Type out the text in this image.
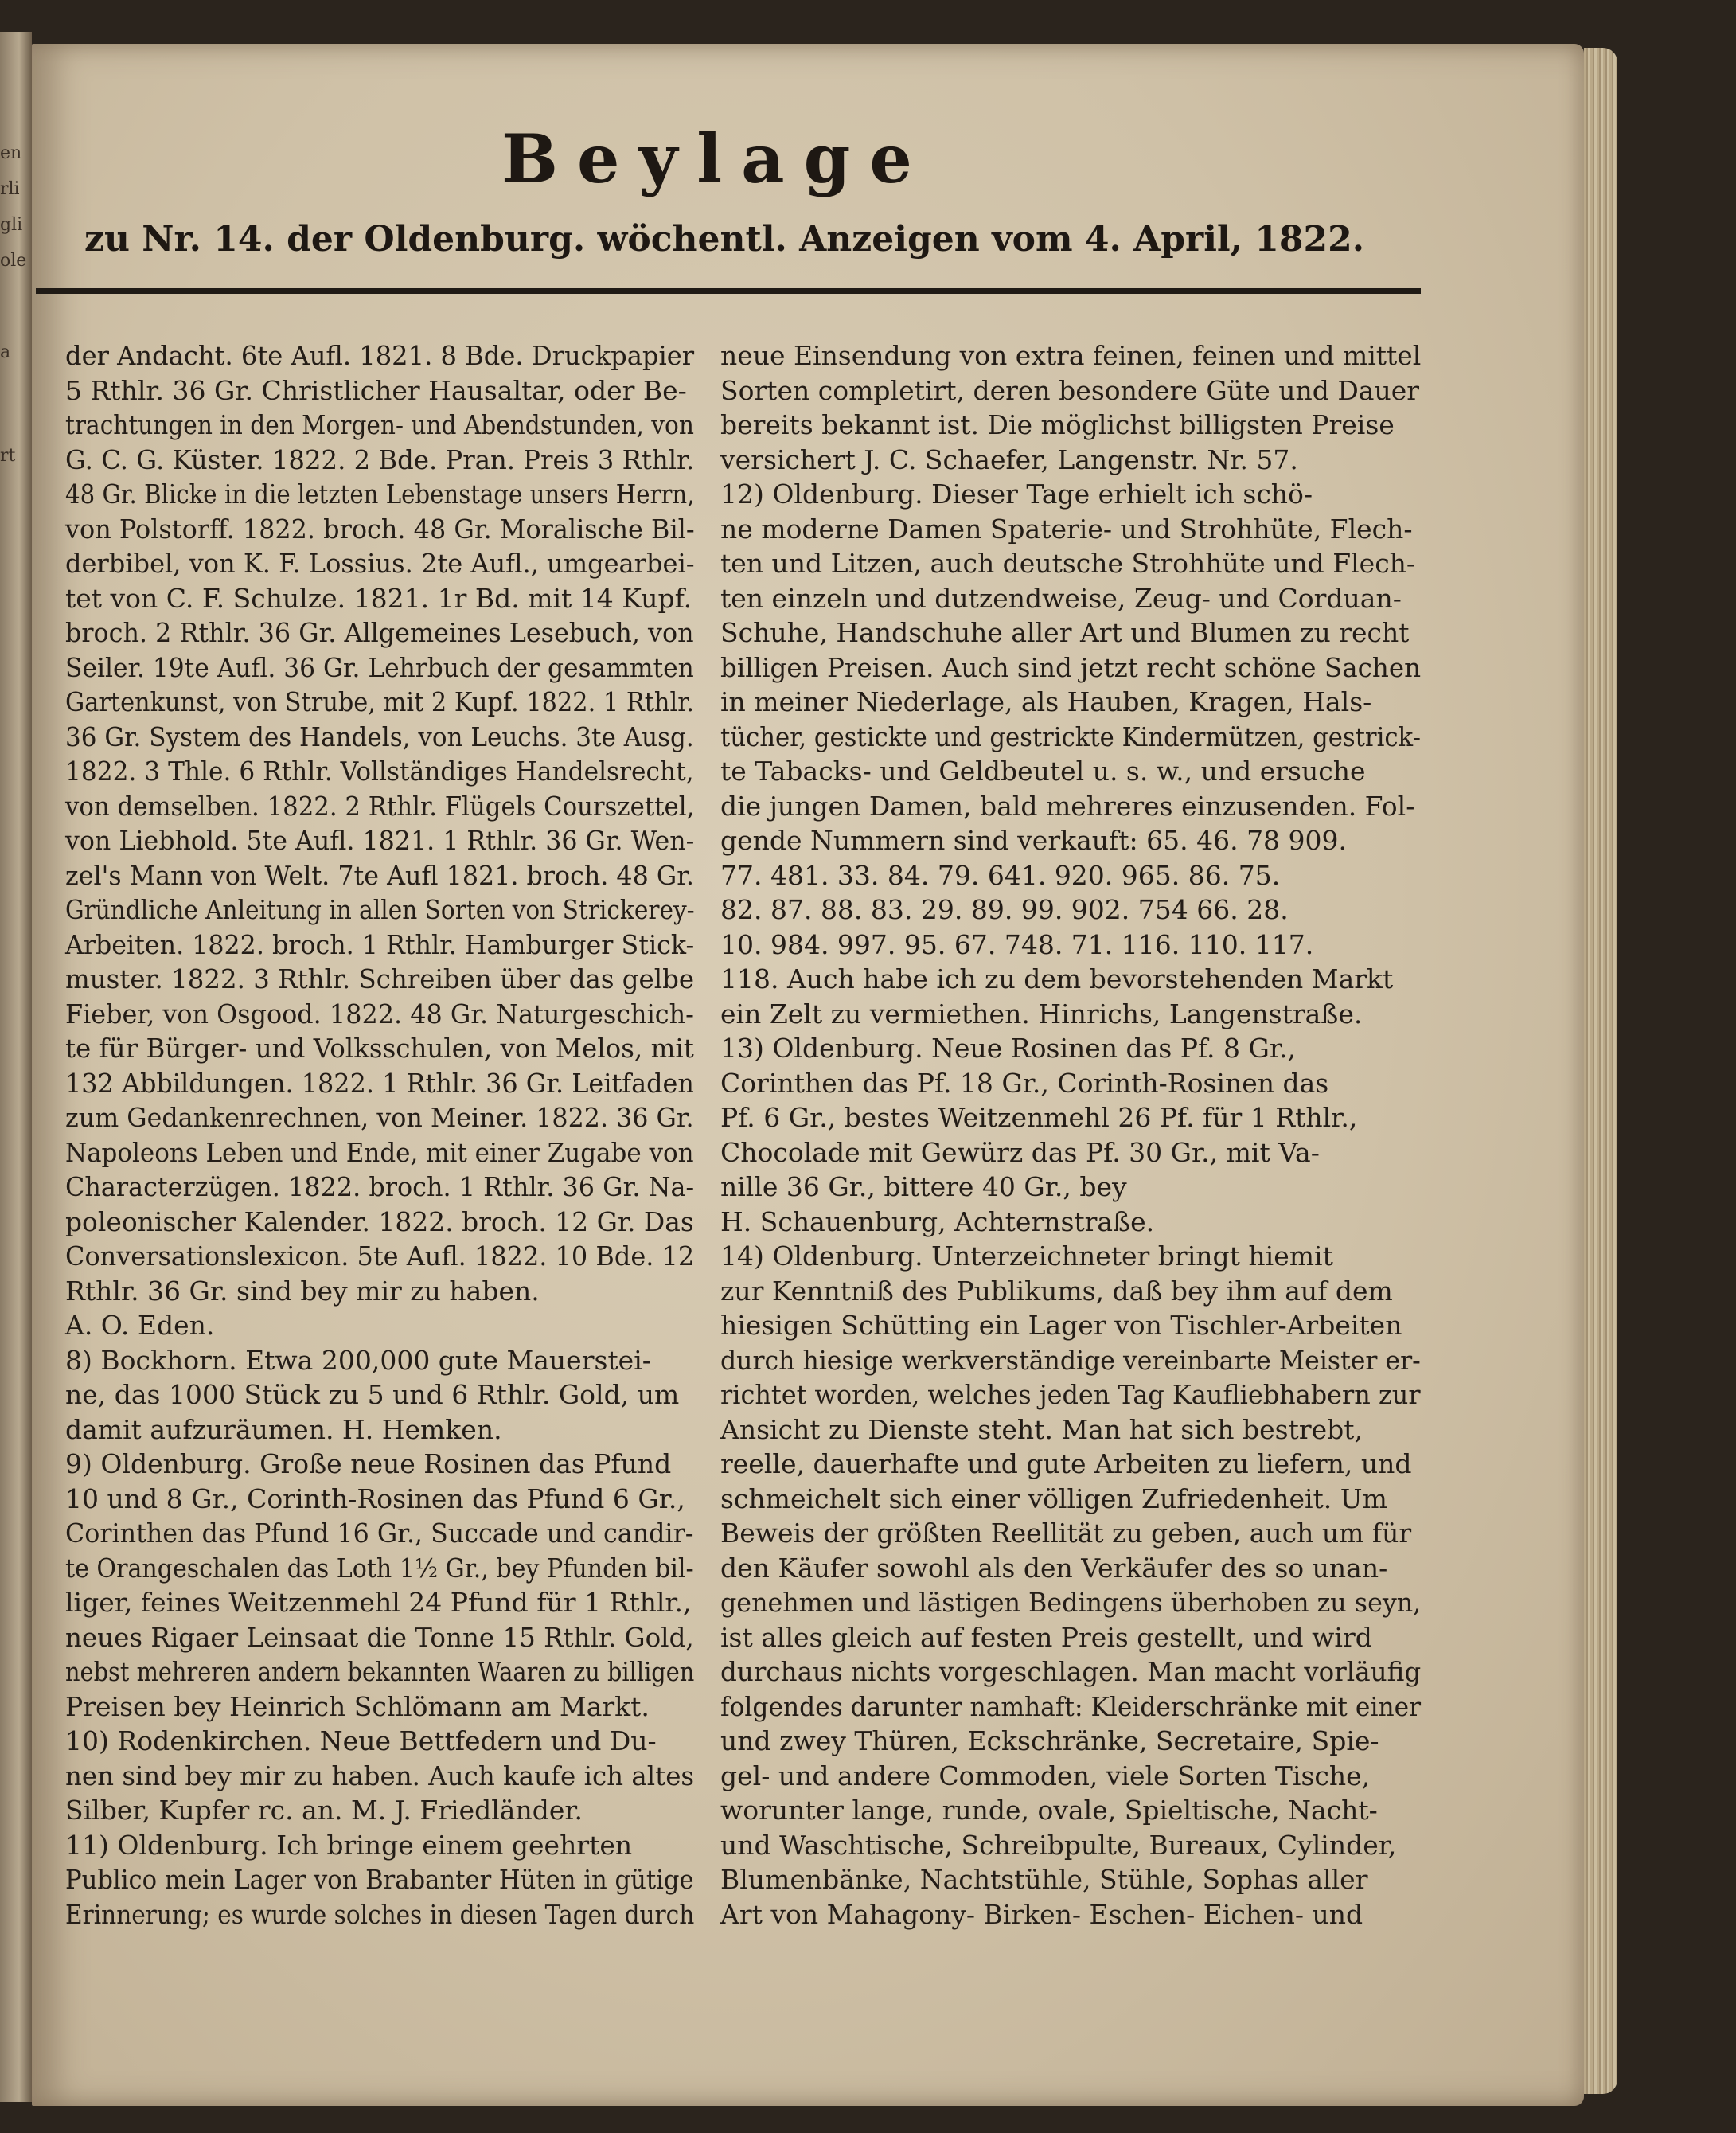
en
rli
gli
ole
a
rt
Beylage
zu Nr. 14. der Oldenburg. wöchentl. Anzeigen vom 4. April, 1822.
der Andacht. 6te Aufl. 1821. 8 Bde. Druckpapier
5 Rthlr. 36 Gr. Christlicher Hausaltar, oder Be-
trachtungen in den Morgen- und Abendstunden, von
G. C. G. Küster. 1822. 2 Bde. Pran. Preis 3 Rthlr.
48 Gr. Blicke in die letzten Lebenstage unsers Herrn,
von Polstorff. 1822. broch. 48 Gr. Moralische Bil-
derbibel, von K. F. Lossius. 2te Aufl., umgearbei-
tet von C. F. Schulze. 1821. 1r Bd. mit 14 Kupf.
broch. 2 Rthlr. 36 Gr. Allgemeines Lesebuch, von
Seiler. 19te Aufl. 36 Gr. Lehrbuch der gesammten
Gartenkunst, von Strube, mit 2 Kupf. 1822. 1 Rthlr.
36 Gr. System des Handels, von Leuchs. 3te Ausg.
1822. 3 Thle. 6 Rthlr. Vollständiges Handelsrecht,
von demselben. 1822. 2 Rthlr. Flügels Courszettel,
von Liebhold. 5te Aufl. 1821. 1 Rthlr. 36 Gr. Wen-
zel's Mann von Welt. 7te Aufl 1821. broch. 48 Gr.
Gründliche Anleitung in allen Sorten von Strickerey-
Arbeiten. 1822. broch. 1 Rthlr. Hamburger Stick-
muster. 1822. 3 Rthlr. Schreiben über das gelbe
Fieber, von Osgood. 1822. 48 Gr. Naturgeschich-
te für Bürger- und Volksschulen, von Melos, mit
132 Abbildungen. 1822. 1 Rthlr. 36 Gr. Leitfaden
zum Gedankenrechnen, von Meiner. 1822. 36 Gr.
Napoleons Leben und Ende, mit einer Zugabe von
Characterzügen. 1822. broch. 1 Rthlr. 36 Gr. Na-
poleonischer Kalender. 1822. broch. 12 Gr. Das
Conversationslexicon. 5te Aufl. 1822. 10 Bde. 12
Rthlr. 36 Gr. sind bey mir zu haben.
A. O. Eden.
8) Bockhorn. Etwa 200,000 gute Mauerstei-
ne, das 1000 Stück zu 5 und 6 Rthlr. Gold, um
damit aufzuräumen. H. Hemken.
9) Oldenburg. Große neue Rosinen das Pfund
10 und 8 Gr., Corinth-Rosinen das Pfund 6 Gr.,
Corinthen das Pfund 16 Gr., Succade und candir-
te Orangeschalen das Loth 1½ Gr., bey Pfunden bil-
liger, feines Weitzenmehl 24 Pfund für 1 Rthlr.,
neues Rigaer Leinsaat die Tonne 15 Rthlr. Gold,
nebst mehreren andern bekannten Waaren zu billigen
Preisen bey Heinrich Schlömann am Markt.
10) Rodenkirchen. Neue Bettfedern und Du-
nen sind bey mir zu haben. Auch kaufe ich altes
Silber, Kupfer rc. an. M. J. Friedländer.
11) Oldenburg. Ich bringe einem geehrten
Publico mein Lager von Brabanter Hüten in gütige
Erinnerung; es wurde solches in diesen Tagen durch
neue Einsendung von extra feinen, feinen und mittel
Sorten completirt, deren besondere Güte und Dauer
bereits bekannt ist. Die möglichst billigsten Preise
versichert J. C. Schaefer, Langenstr. Nr. 57.
12) Oldenburg. Dieser Tage erhielt ich schö-
ne moderne Damen Spaterie- und Strohhüte, Flech-
ten und Litzen, auch deutsche Strohhüte und Flech-
ten einzeln und dutzendweise, Zeug- und Corduan-
Schuhe, Handschuhe aller Art und Blumen zu recht
billigen Preisen. Auch sind jetzt recht schöne Sachen
in meiner Niederlage, als Hauben, Kragen, Hals-
tücher, gestickte und gestrickte Kindermützen, gestrick-
te Tabacks- und Geldbeutel u. s. w., und ersuche
die jungen Damen, bald mehreres einzusenden. Fol-
gende Nummern sind verkauft: 65. 46. 78 909.
77. 481. 33. 84. 79. 641. 920. 965. 86. 75.
82. 87. 88. 83. 29. 89. 99. 902. 754 66. 28.
10. 984. 997. 95. 67. 748. 71. 116. 110. 117.
118. Auch habe ich zu dem bevorstehenden Markt
ein Zelt zu vermiethen. Hinrichs, Langenstraße.
13) Oldenburg. Neue Rosinen das Pf. 8 Gr.,
Corinthen das Pf. 18 Gr., Corinth-Rosinen das
Pf. 6 Gr., bestes Weitzenmehl 26 Pf. für 1 Rthlr.,
Chocolade mit Gewürz das Pf. 30 Gr., mit Va-
nille 36 Gr., bittere 40 Gr., bey
H. Schauenburg, Achternstraße.
14) Oldenburg. Unterzeichneter bringt hiemit
zur Kenntniß des Publikums, daß bey ihm auf dem
hiesigen Schütting ein Lager von Tischler-Arbeiten
durch hiesige werkverständige vereinbarte Meister er-
richtet worden, welches jeden Tag Kaufliebhabern zur
Ansicht zu Dienste steht. Man hat sich bestrebt,
reelle, dauerhafte und gute Arbeiten zu liefern, und
schmeichelt sich einer völligen Zufriedenheit. Um
Beweis der größten Reellität zu geben, auch um für
den Käufer sowohl als den Verkäufer des so unan-
genehmen und lästigen Bedingens überhoben zu seyn,
ist alles gleich auf festen Preis gestellt, und wird
durchaus nichts vorgeschlagen. Man macht vorläufig
folgendes darunter namhaft: Kleiderschränke mit einer
und zwey Thüren, Eckschränke, Secretaire, Spie-
gel- und andere Commoden, viele Sorten Tische,
worunter lange, runde, ovale, Spieltische, Nacht-
und Waschtische, Schreibpulte, Bureaux, Cylinder,
Blumenbänke, Nachtstühle, Stühle, Sophas aller
Art von Mahagony- Birken- Eschen- Eichen- und
